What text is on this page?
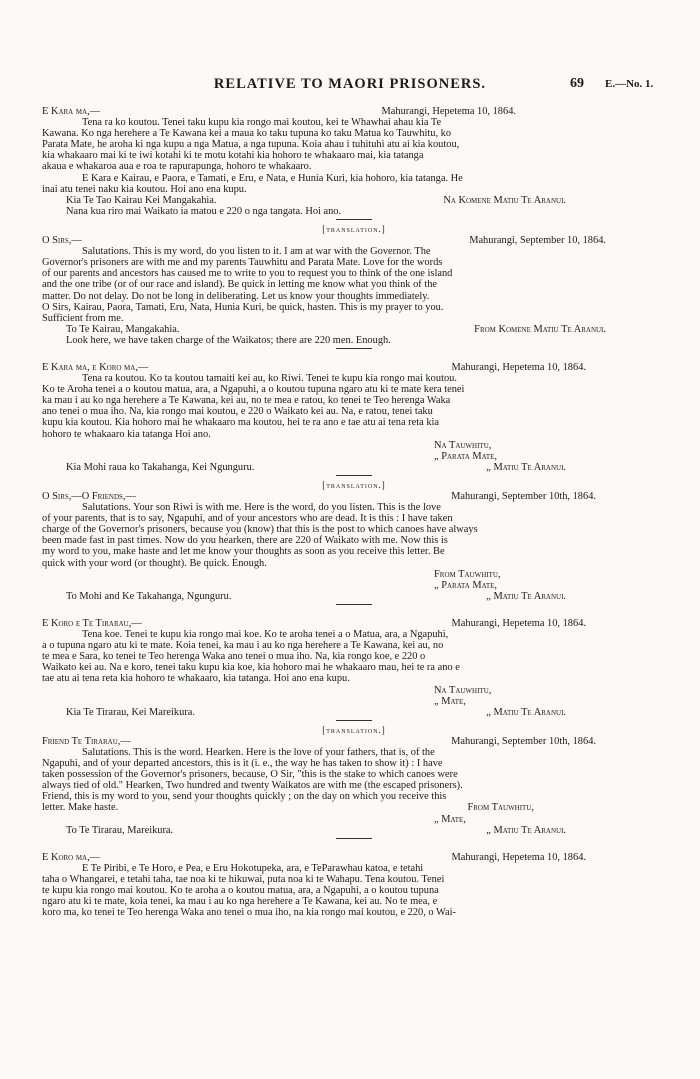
RELATIVE TO MAORI PRISONERS.	69 E.—No. 1.
E Kara ma,—	Mahurangi, Hepetema 10, 1864.

Tena ra ko koutou. Tenei taku kupu kia rongo mai koutou, kei te Whawhai ahau kia Te

Kawana. Ko nga herehere a Te Kawana kei a maua ko taku tupuna ko taku Matua ko Tauwhitu, ko

Parata Mate, he aroha ki nga kupu a nga Matua, a nga tupuna. Koia ahau i tuhituhi atu ai kia koutou,

kia whakaaro mai ki te iwi kotahi ki te motu kotahi kia hohoro te whakaaro mai, kia tatanga

akaua e whakaroa aua e roa te rapurapunga, hohoro te whakaaro.

E Kara e Kairau, e Paora, e Tamati, e Eru, e Nata, e Hunia Kuri, kia hohoro, kia tatanga. He

inai atu tenei naku kia koutou. Hoi ano ena kupu.

Kia Te Tao Kairau Kei Mangakahia.	Na Komene Matiu Te Aranui.

Nana kua riro mai Waikato ia matou e 220 o nga tangata. Hoi ano.

[translation.]
O Sirs,—	Mahurangi, September 10, 1864.

Salutations. This is my word, do you listen to it. I am at war with the Governor. The

Governor's prisoners are with me and my parents Tauwhitu and Parata Mate. Love for the words

of our parents and ancestors has caused me to write to you to request you to think of the one island

and the one tribe (or of our race and island). Be quick in letting me know what you think of the

matter. Do not delay. Do not be long in deliberating. Let us know your thoughts immediately.

O Sirs, Kairau, Paora, Tamati, Eru, Nata, Hunia Kuri, be quick, hasten. This is my prayer to you.

Sufficient from me.

To Te Kairau, Mangakahia.	From Komene Matiu Te Aranui.

Look here, we have taken charge of the Waikatos; there are 220 men. Enough.

E Kara ma, e Koro ma,—	Mahurangi, Hepetema 10, 1864.

Tena ra koutou. Ko ta koutou tamaiti kei au, ko Riwi. Tenei te kupu kia rongo mai koutou.

Ko te Aroha tenei a o koutou matua, ara, a Ngapuhi, a o koutou tupuna ngaro atu ki te mate kera tenei

ka mau i au ko nga herehere a Te Kawana, kei au, no te mea e ratou, ko tenei te Teo herenga Waka

ano tenei o mua iho. Na, kia rongo mai koutou, e 220 o Waikato kei au. Na, e ratou, tenei taku

kupu kia koutou. Kia hohoro mai he whakaaro ma koutou, hei te ra ano e tae atu ai tena reta kia

hohoro te whakaaro kia tatanga Hoi ano.

Na Tauwhitu,

„ Parata Mate,

Kia Mohi raua ko Takahanga, Kei Ngunguru.	„ Matiu Te Aranui.
[translation.]
O Sirs,—O Friends,—	Mahurangi, September 10th, 1864.

Salutations. Your son Riwi is with me. Here is the word, do you listen. This is the love

of your parents, that is to say, Ngapuhi, and of your ancestors who are dead. It is this : I have taken

charge of the Governor's prisoners, because you (know) that this is the post to which canoes have always

been made fast in past times. Now do you hearken, there are 220 of Waikato with me. Now this is

my word to you, make haste and let me know your thoughts as soon as you receive this letter. Be

quick with your word (or thought). Be quick. Enough.

From Tauwhitu,

„ Parata Mate,

To Mohi and Ke Takahanga, Ngunguru.	„ Matiu Te Aranui.
E Koro e Te Tirarau,—	Mahurangi, Hepetema 10, 1864.

Tena koe. Tenei te kupu kia rongo mai koe. Ko te aroha tenei a o Matua, ara, a Ngapuhi,

a o tupuna ngaro atu ki te mate. Koia tenei, ka mau i au ko nga herehere a Te Kawana, kei au, no

te mea e Sara, ko tenei te Teo herenga Waka ano tenei o mua iho. Na, kia rongo koe, e 220 o

Waikato kei au. Na e koro, tenei taku kupu kia koe, kia hohoro mai he whakaaro mau, hei te ra ano e

tae atu ai tena reta kia hohoro te whakaaro, kia tatanga. Hoi ano ena kupu.

Na Tauwhitu,

„ Mate,

Kia Te Tirarau, Kei Mareikura.	„ Matiu Te Aranui.
[translation.]
Friend Te Tirarau,—	Mahurangi, September 10th, 1864.

Salutations. This is the word. Hearken. Here is the love of your fathers, that is, of the

Ngapuhi, and of your departed ancestors, this is it (i. e., the way he has taken to show it) : I have

taken possession of the Governor's prisoners, because, O Sir, "this is the stake to which canoes were

always tied of old." Hearken, Two hundred and twenty Waikatos are with me (the escaped prisoners).

Friend, this is my word to you, send your thoughts quickly ; on the day on which you receive this

letter. Make haste.	From Tauwhitu,

„ Mate,

To Te Tirarau, Mareikura.	„ Matiu Te Aranui.
E Koro ma,—	Mahurangi, Hepetema 10, 1864.

E Te Piribi, e Te Horo, e Pea, e Eru Hokotupeka, ara, e TeParawhau katoa, e tetahi

taha o Whangarei, e tetahi taha, tae noa ki te hikuwai, puta noa ki te Wahapu. Tena koutou. Tenei

te kupu kia rongo mai koutou. Ko te aroha a o koutou matua, ara, a Ngapuhi, a o koutou tupuna

ngaro atu ki te mate, koia tenei, ka mau i au ko nga herehere a Te Kawana, kei au. No te mea, e

koro ma, ko tenei te Teo herenga Waka ano tenei o mua iho, na kia rongo mai koutou, e 220, o Wai-
